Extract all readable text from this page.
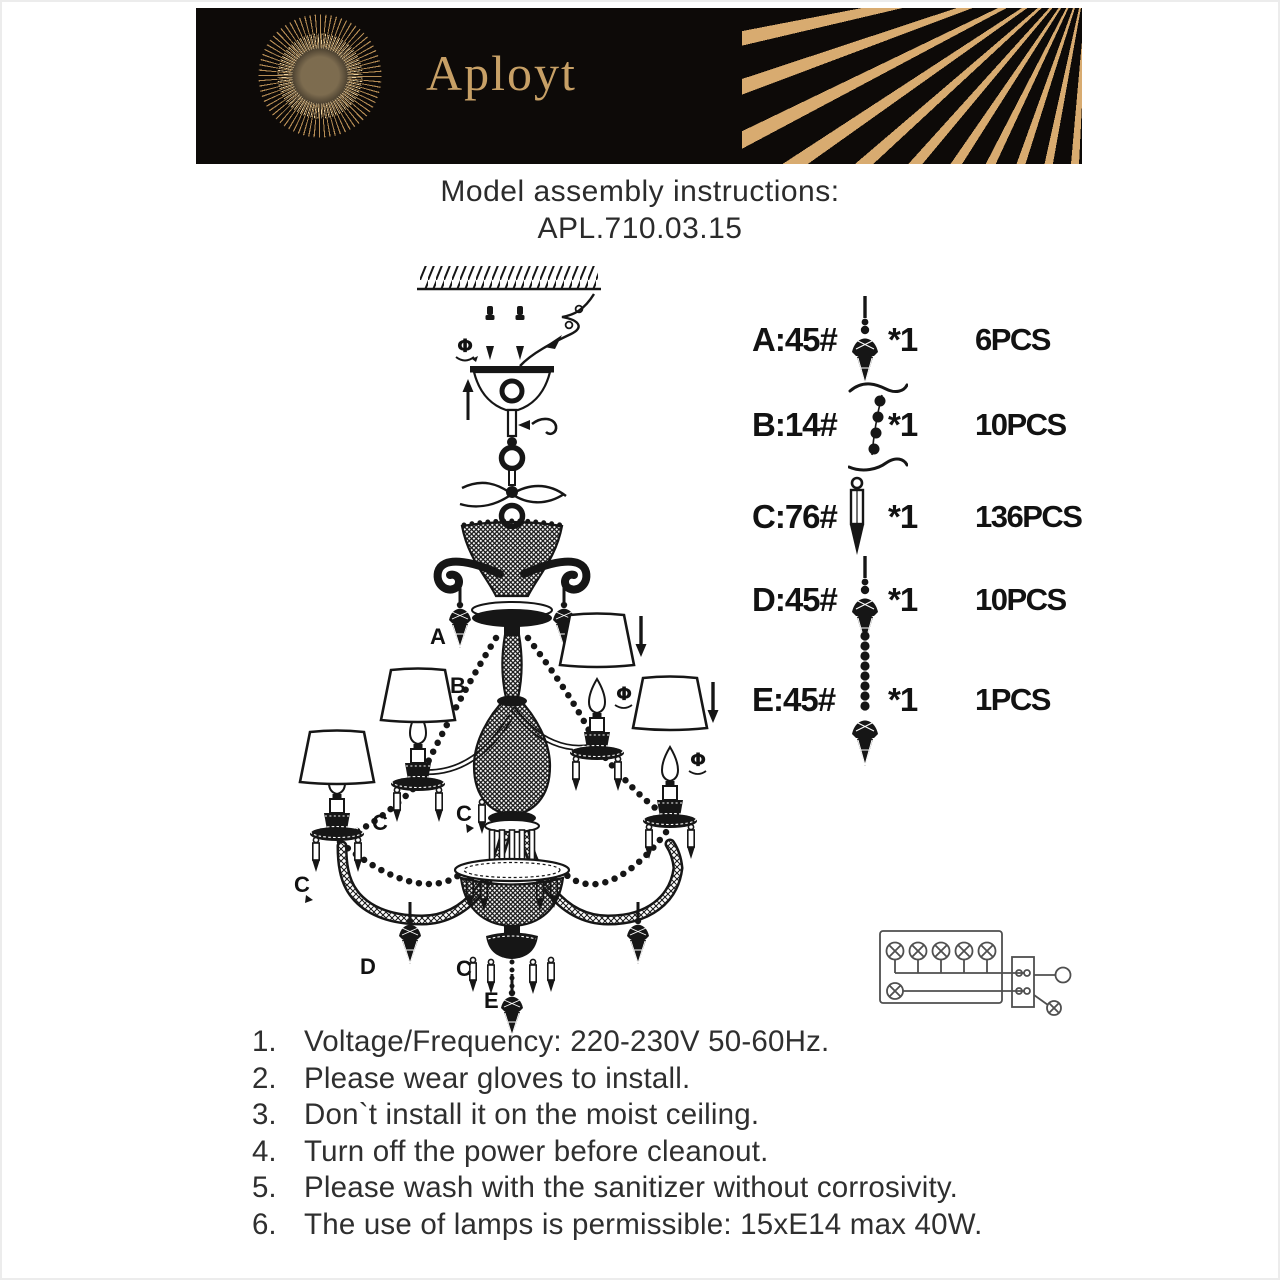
Aployt
Model assembly instructions:
APL.710.03.15
Φ
A
B	Φ
Φ
D
C
C
E
C
C
A:45# *1 6PCS
B:14# *1 10PCS
C:76# *1 136PCS
D:45# *1 10PCS
E:45# *1 1PCS
1. Voltage/Frequency: 220-230V 50-60Hz.
2. Please wear gloves to install.
3. Don`t install it on the moist ceiling.
4. Turn off the power before cleanout.
5. Please wash with the sanitizer without corrosivity.
6. The use of lamps is permissible: 15xE14 max 40W.
